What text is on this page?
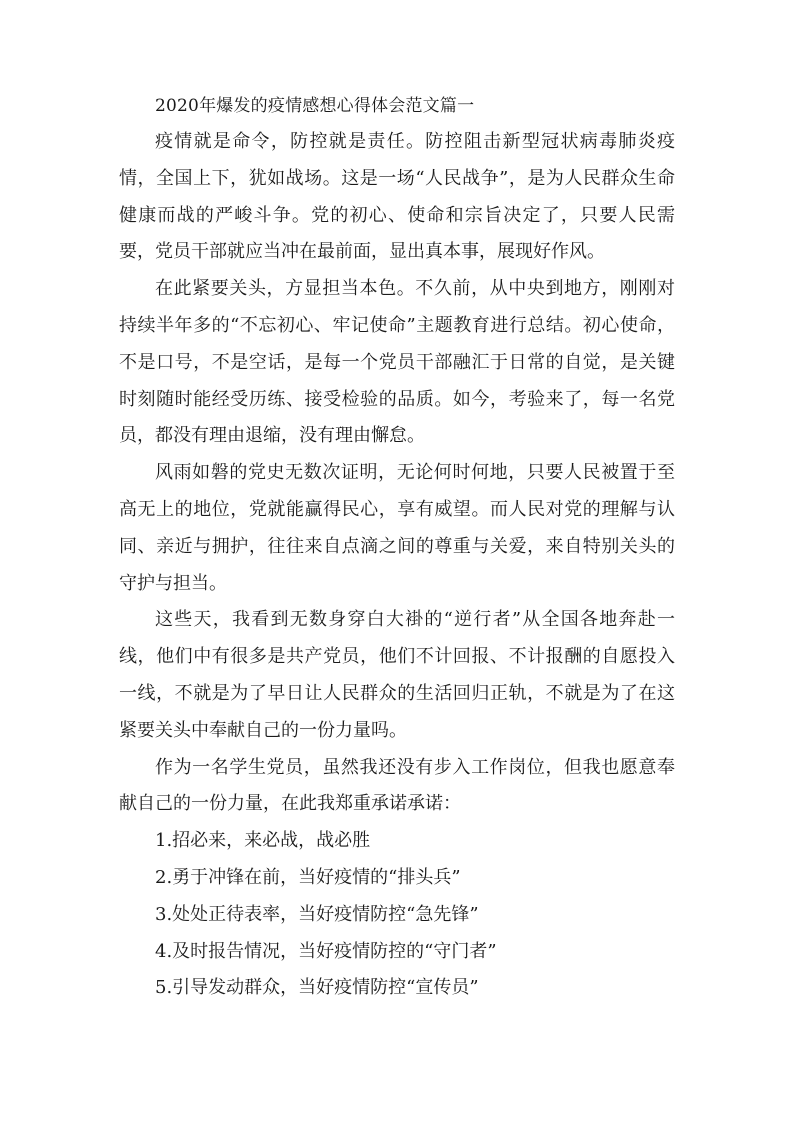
2020年爆发的疫情感想心得体会范文篇一

疫情就是命令，防控就是责任。防控阻击新型冠状病毒肺炎疫情，全国上下，犹如战场。这是一场“人民战争”，是为人民群众生命健康而战的严峻斗争。党的初心、使命和宗旨决定了，只要人民需要，党员干部就应当冲在最前面，显出真本事，展现好作风。

在此紧要关头，方显担当本色。不久前，从中央到地方，刚刚对持续半年多的“不忘初心、牢记使命”主题教育进行总结。初心使命，不是口号，不是空话，是每一个党员干部融汇于日常的自觉，是关键时刻随时能经受历练、接受检验的品质。如今，考验来了，每一名党员，都没有理由退缩，没有理由懈怠。

风雨如磐的党史无数次证明，无论何时何地，只要人民被置于至高无上的地位，党就能赢得民心，享有威望。而人民对党的理解与认同、亲近与拥护，往往来自点滴之间的尊重与关爱，来自特别关头的守护与担当。

这些天，我看到无数身穿白大褂的“逆行者”从全国各地奔赴一线，他们中有很多是共产党员，他们不计回报、不计报酬的自愿投入一线，不就是为了早日让人民群众的生活回归正轨，不就是为了在这紧要关头中奉献自己的一份力量吗。

作为一名学生党员，虽然我还没有步入工作岗位，但我也愿意奉献自己的一份力量，在此我郑重承诺承诺：

1.招必来，来必战，战必胜
2.勇于冲锋在前，当好疫情的“排头兵”
3.处处正待表率，当好疫情防控“急先锋”
4.及时报告情况，当好疫情防控的“守门者”
5.引导发动群众，当好疫情防控“宣传员”
